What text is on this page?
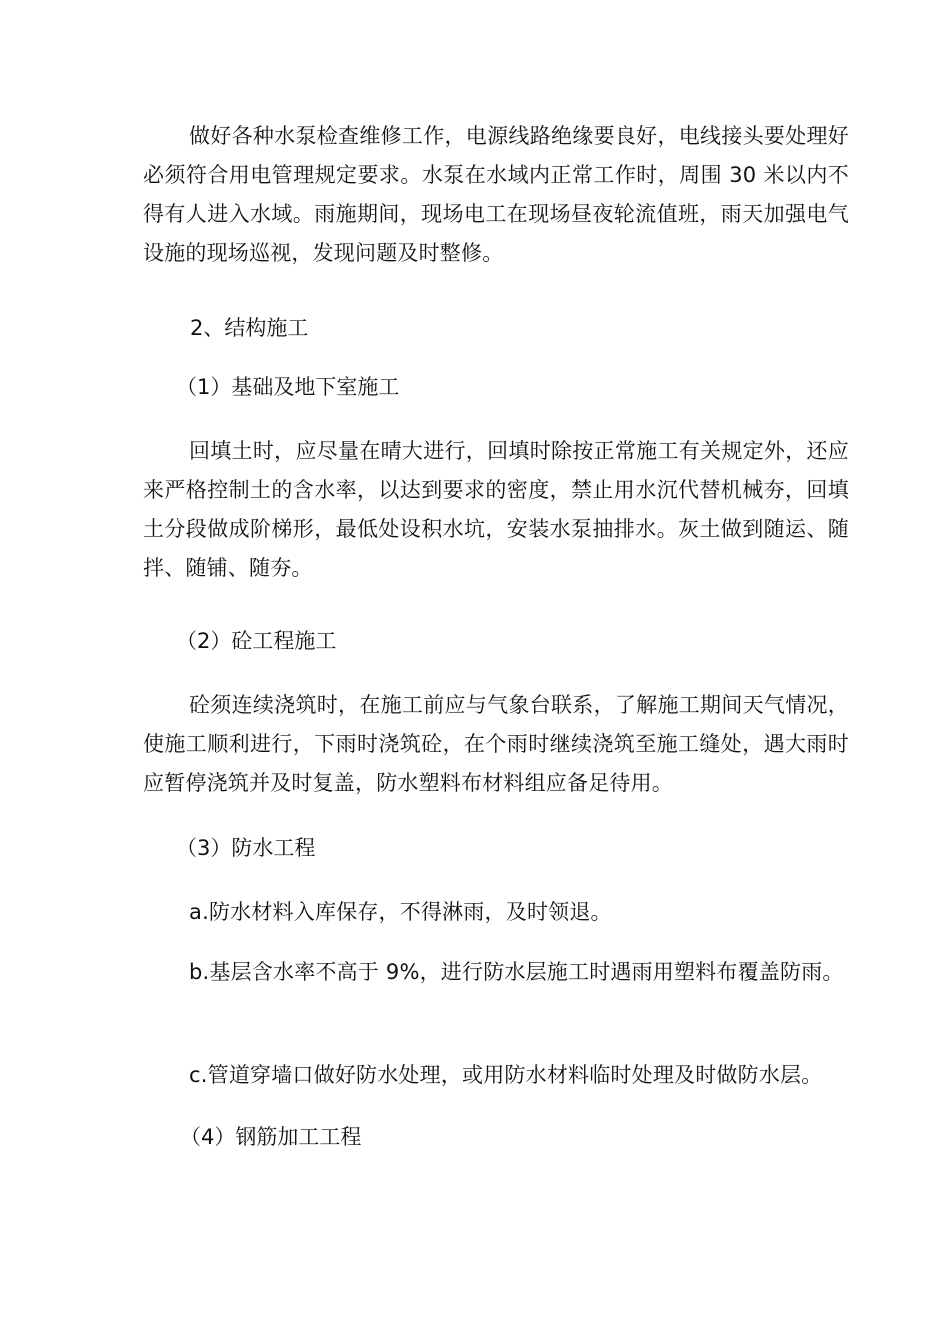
做好各种水泵检查维修工作，电源线路绝缘要良好，电线接头要处理好必须符合用电管理规定要求。水泵在水域内正常工作时，周围 30 米以内不得有人进入水域。雨施期间，现场电工在现场昼夜轮流值班，雨天加强电气设施的现场巡视，发现问题及时整修。

2、结构施工

（1）基础及地下室施工

回填土时，应尽量在晴大进行，回填时除按正常施工有关规定外，还应来严格控制土的含水率，以达到要求的密度，禁止用水沉代替机械夯，回填土分段做成阶梯形，最低处设积水坑，安装水泵抽排水。灰土做到随运、随拌、随铺、随夯。

（2）砼工程施工

砼须连续浇筑时，在施工前应与气象台联系，了解施工期间天气情况，使施工顺利进行，下雨时浇筑砼，在个雨时继续浇筑至施工缝处，遇大雨时应暂停浇筑并及时复盖，防水塑料布材料组应备足待用。

（3）防水工程

a.防水材料入库保存，不得淋雨，及时领退。

b.基层含水率不高于 9%，进行防水层施工时遇雨用塑料布覆盖防雨。

c.管道穿墙口做好防水处理，或用防水材料临时处理及时做防水层。

（4）钢筋加工工程
